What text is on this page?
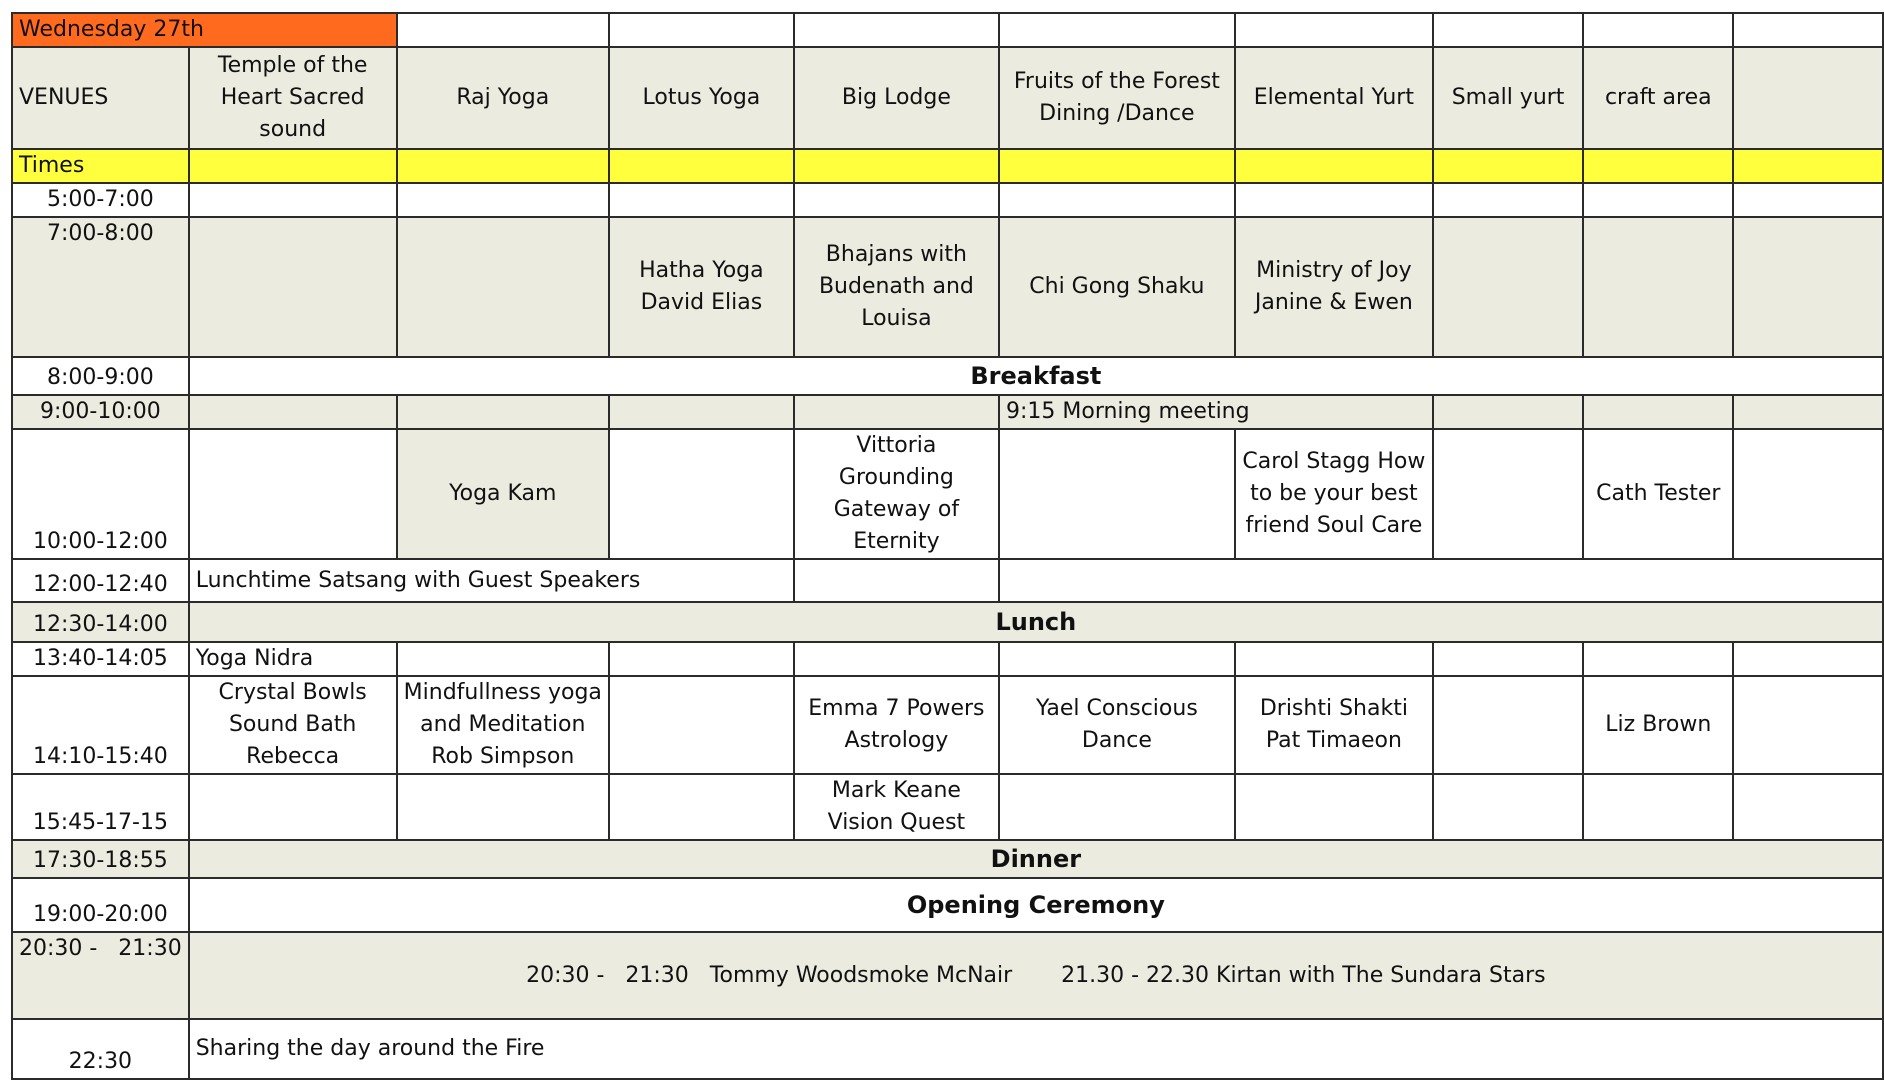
Wednesday 27th									
VENUES	Temple of the Heart Sacred sound	Raj Yoga	Lotus Yoga	Big Lodge	Fruits of the Forest Dining /Dance	Elemental Yurt	Small yurt	craft area	
Times									
5:00-7:00									
7:00-8:00			Hatha Yoga David Elias	Bhajans with Budenath and Louisa	Chi Gong Shaku	Ministry of Joy Janine & Ewen			
8:00-9:00	Breakfast								
9:00-10:00					9:15 Morning meeting				
10:00-12:00		Yoga Kam		Vittoria Grounding Gateway of Eternity		Carol Stagg How to be your best friend Soul Care		Cath Tester	
12:00-12:40	Lunchtime Satsang with Guest Speakers								
12:30-14:00	Lunch								
13:40-14:05	Yoga Nidra								
14:10-15:40	Crystal Bowls Sound Bath Rebecca	Mindfullness yoga and Meditation Rob Simpson		Emma 7 Powers Astrology	Yael Conscious Dance	Drishti Shakti Pat Timaeon		Liz Brown	
15:45-17-15				Mark Keane Vision Quest					
17:30-18:55	Dinner								
19:00-20:00	Opening Ceremony								
20:30 -   21:30	20:30 -   21:30   Tommy Woodsmoke McNair       21.30 - 22.30 Kirtan with The Sundara Stars								
22:30	Sharing the day around the Fire								
